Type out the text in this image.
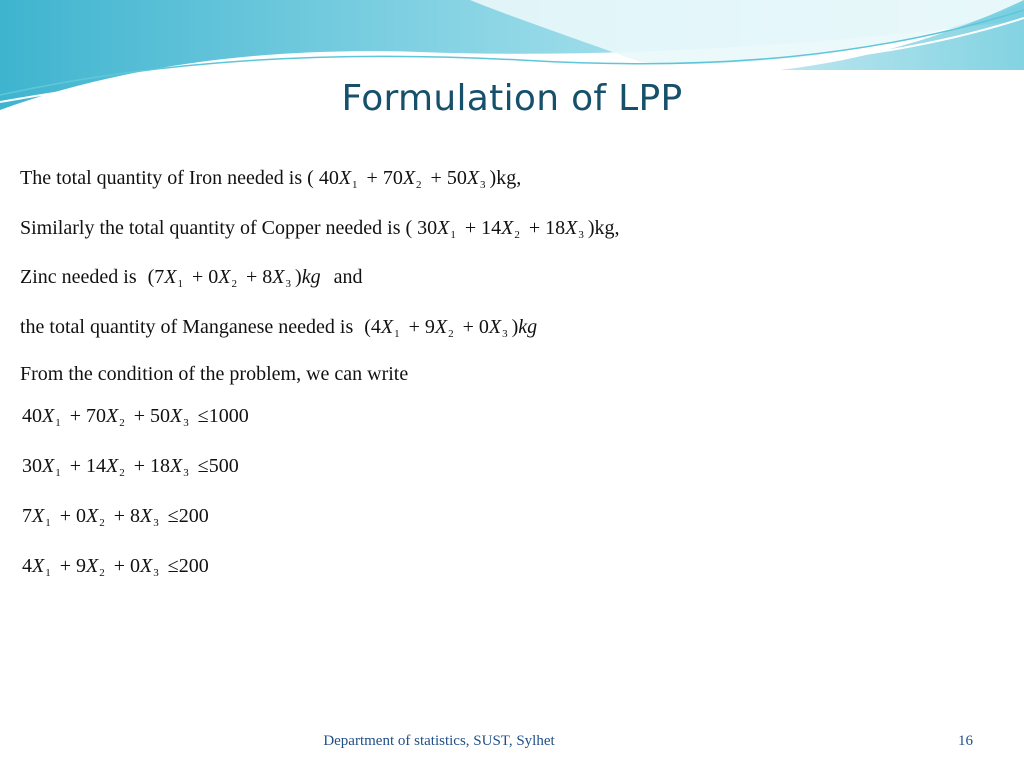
Formulation of LPP
The total quantity of Iron needed is ( $40X_1 + 70X_2 + 50X_3$ )kg,
Similarly the total quantity of Copper needed is ( $30X_1 + 14X_2 + 18X_3$ )kg,
Zinc needed is ($7X_1 + 0X_2 + 8X_3$ )kg and
the total quantity of Manganese needed is ($4X_1 + 9X_2 + 0X_3$ )kg
From the condition of the problem, we can write
$40X_1 + 70X_2 + 50X_3 \le 1000$
$30X_1 + 14X_2 + 18X_3 \le 500$
$7X_1 + 0X_2 + 8X_3 \le 200$
$4X_1 + 9X_2 + 0X_3 \le 200$
Department of statistics, SUST, Sylhet	16
